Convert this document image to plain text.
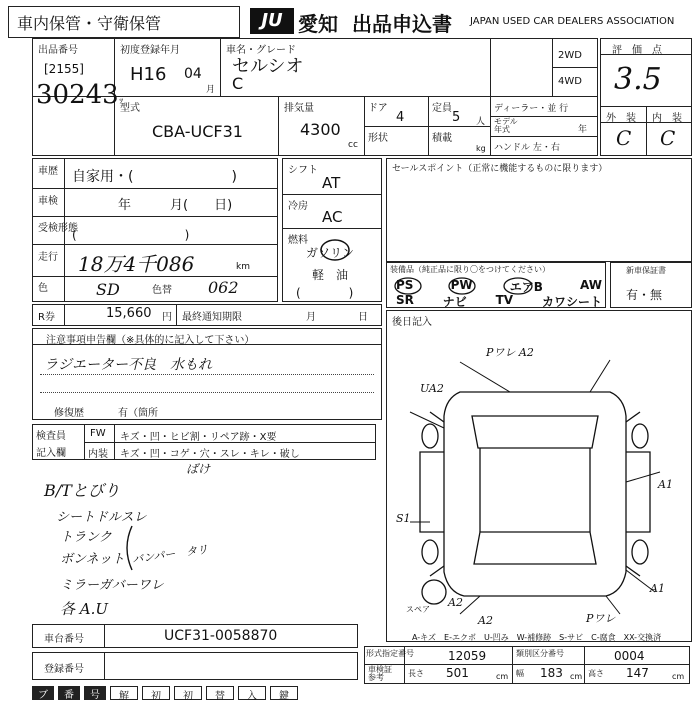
車内保管・守衛保管	JU 愛知 出品申込書 JAPAN USED CAR DEALERS ASSOCIATION
出品番号
[2155]
30243ｯ
初度登録年月
H16 04
月
車名・グレード
セルシオ
C
2WD
4WD
評　価　点
3.5
外　装 内　装
C C
型式
CBA-UCF31
排気量
4300
cc
ドア
4
定員
5 人
形状	積載
kg
ディーラー・並 行
モデル
年式	年
ハンドル 左・右
車歴 自家用・(　　　　　　　)
車検	年　　　月(　　日)
受検形態
(　　　　　　　　　)
走行 18万4千086	km
色	SD	色替 062
シフト
AT
冷房
AC
燃料
ガソリン
軽　油
(　　　　)
セールスポイント（正常に機能するものに限ります）
装備品（純正品に限り〇をつけてください）
PS	PW	エアB	AW
SR ナビ TV カワシート
新車保証書
有・無
R券	15,660 円 最終通知期限	月	日 後日記入
注意事項申告欄（※具体的に記入して下さい）
ラジエーター不良　水もれ
修復歴	有（箇所
検査員
記入欄
FW キズ・凹・ヒビ割・リペア跡・X要
内装 キズ・凹・コゲ・穴・スレ・キレ・破し
B/Tとびり
シートドルスレ
トランク
ボンネット
ミラーガバーワレ
各 A.U
バンパー　タリ
ばけ
Pワレ A2
UA2
S1
A1
A1
A2
A2	Pワレ
スペア
A-キズ　E-エクボ　U-凹み　W-補修跡　S-サビ　C-腐食　XX-交換済
車台番号	UCF31-0058870
登録番号
形式指定番号	12059	類別区分番号	0004
車検証
参考	長さ 501	cm 幅 183 cm 高さ 147	cm
ブ	番	号	解	初	初	替	入	鍵
